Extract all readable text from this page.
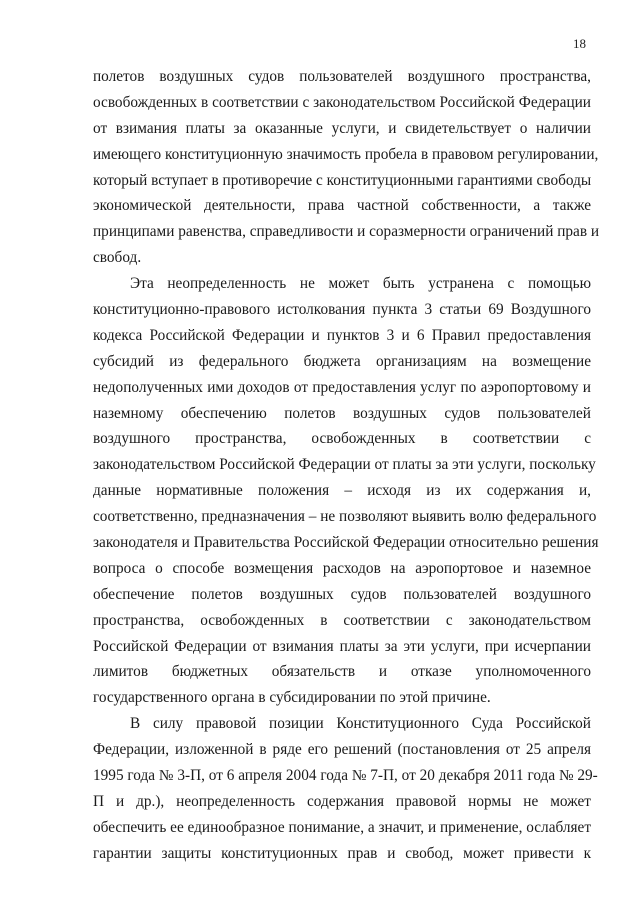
18
полетов воздушных судов пользователей воздушного пространства,
освобожденных в соответствии с законодательством Российской Федерации
от взимания платы за оказанные услуги, и свидетельствует о наличии
имеющего конституционную значимость пробела в правовом регулировании,
который вступает в противоречие с конституционными гарантиями свободы
экономической деятельности, права частной собственности, а также
принципами равенства, справедливости и соразмерности ограничений прав и
свобод.
Эта неопределенность не может быть устранена с помощью
конституционно-правового истолкования пункта 3 статьи 69 Воздушного
кодекса Российской Федерации и пунктов 3 и 6 Правил предоставления
субсидий из федерального бюджета организациям на возмещение
недополученных ими доходов от предоставления услуг по аэропортовому и
наземному обеспечению полетов воздушных судов пользователей
воздушного пространства, освобожденных в соответствии с
законодательством Российской Федерации от платы за эти услуги, поскольку
данные нормативные положения – исходя из их содержания и,
соответственно, предназначения – не позволяют выявить волю федерального
законодателя и Правительства Российской Федерации относительно решения
вопроса о способе возмещения расходов на аэропортовое и наземное
обеспечение полетов воздушных судов пользователей воздушного
пространства, освобожденных в соответствии с законодательством
Российской Федерации от взимания платы за эти услуги, при исчерпании
лимитов бюджетных обязательств и отказе уполномоченного
государственного органа в субсидировании по этой причине.
В силу правовой позиции Конституционного Суда Российской
Федерации, изложенной в ряде его решений (постановления от 25 апреля
1995 года № 3-П, от 6 апреля 2004 года № 7-П, от 20 декабря 2011 года № 29-
П и др.), неопределенность содержания правовой нормы не может
обеспечить ее единообразное понимание, а значит, и применение, ослабляет
гарантии защиты конституционных прав и свобод, может привести к
